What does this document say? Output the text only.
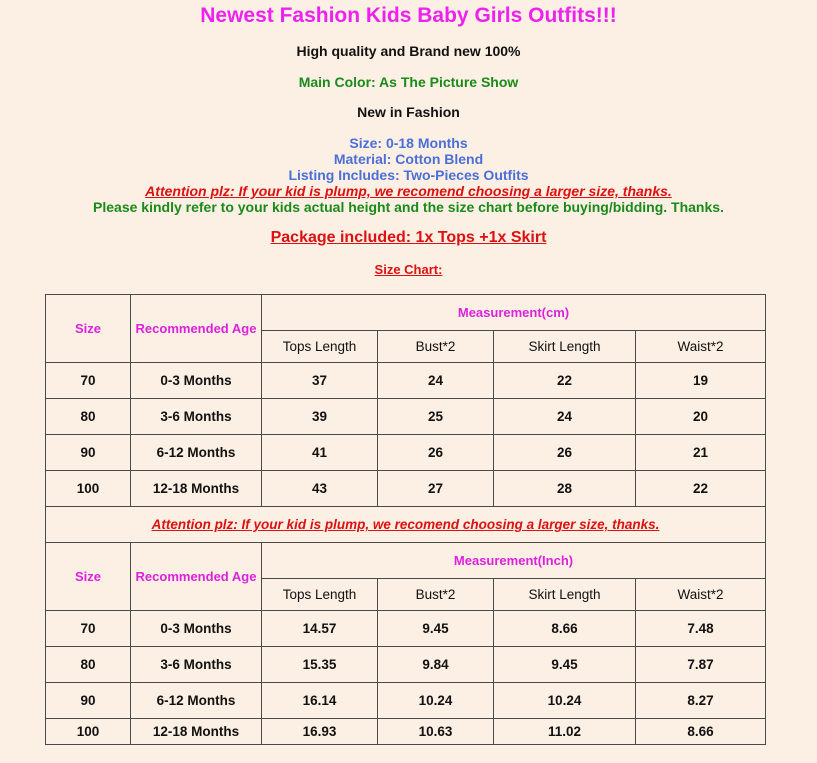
Newest Fashion Kids Baby Girls Outfits!!!
High quality and Brand new 100%
Main Color: As The Picture Show
New in Fashion
Size: 0-18 Months
Material: Cotton Blend
Listing Includes: Two-Pieces Outfits
Attention plz: If your kid is plump, we recomend choosing a larger size, thanks.
Please kindly refer to your kids actual height and the size chart before buying/bidding. Thanks.
Package included: 1x Tops +1x Skirt
Size Chart:
Size	Recommended Age	Measurement(cm)			
		Tops Length	Bust*2	Skirt Length	Waist*2
70	0-3 Months	37	24	22	19
80	3-6 Months	39	25	24	20
90	6-12 Months	41	26	26	21
100	12-18 Months	43	27	28	22
Attention plz: If your kid is plump, we recomend choosing a larger size, thanks.					
Size	Recommended Age	Measurement(Inch)			
		Tops Length	Bust*2	Skirt Length	Waist*2
70	0-3 Months	14.57	9.45	8.66	7.48
80	3-6 Months	15.35	9.84	9.45	7.87
90	6-12 Months	16.14	10.24	10.24	8.27
100	12-18 Months	16.93	10.63	11.02	8.66
